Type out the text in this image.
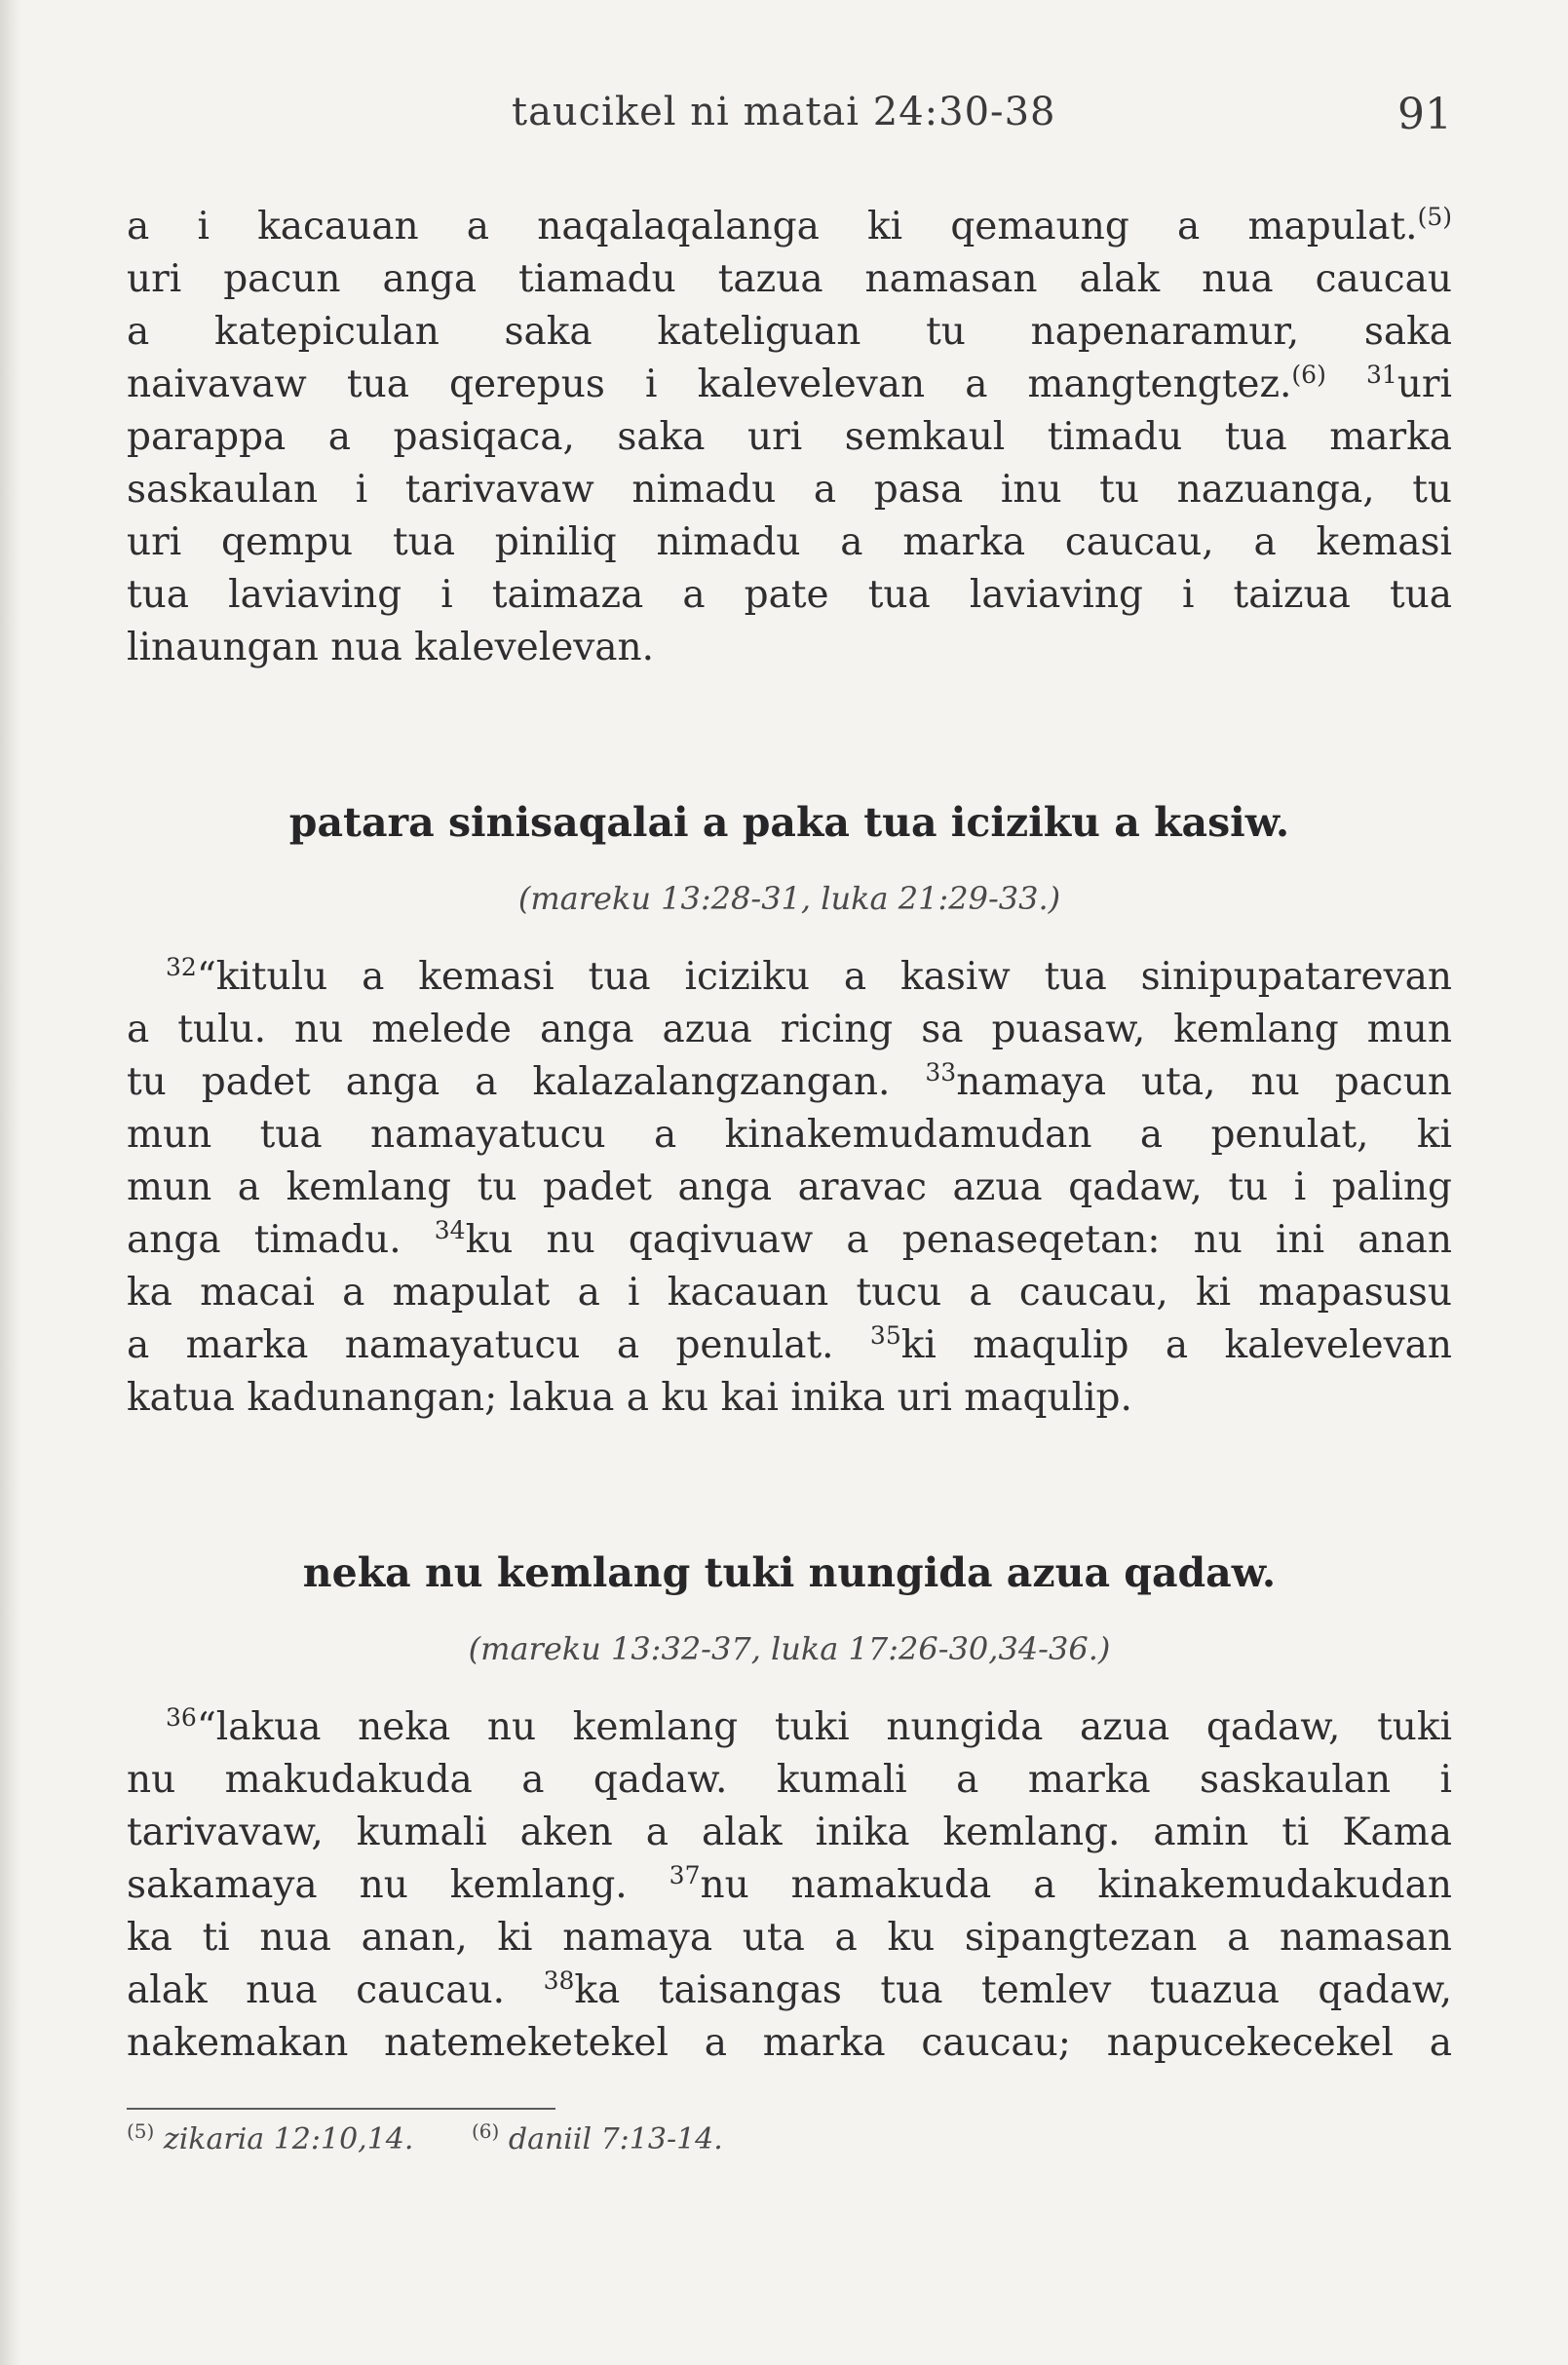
taucikel ni matai 24:30-38	91
a i kacauan a naqalaqalanga ki qemaung a mapulat.$^{(5)}$
uri pacun anga tiamadu tazua namasan alak nua caucau
a katepiculan saka kateliguan tu napenaramur, saka
naivavaw tua qerepus i kalevelevan a mangtengtez.$^{(6)}$ $^{31}$uri
parappa a pasiqaca, saka uri semkaul timadu tua marka
saskaulan i tarivavaw nimadu a pasa inu tu nazuanga, tu
uri qempu tua piniliq nimadu a marka caucau, a kemasi
tua laviaving i taimaza a pate tua laviaving i taizua tua
linaungan nua kalevelevan.
patara sinisaqalai a paka tua iciziku a kasiw.
(mareku 13:28-31, luka 21:29-33.)
$^{32}$“kitulu a kemasi tua iciziku a kasiw tua sinipupatarevan
a tulu. nu melede anga azua ricing sa puasaw, kemlang mun
tu padet anga a kalazalangzangan. $^{33}$namaya uta, nu pacun
mun tua namayatucu a kinakemudamudan a penulat, ki
mun a kemlang tu padet anga aravac azua qadaw, tu i paling
anga timadu. $^{34}$ku nu qaqivuaw a penaseqetan: nu ini anan
ka macai a mapulat a i kacauan tucu a caucau, ki mapasusu
a marka namayatucu a penulat. $^{35}$ki maqulip a kalevelevan
katua kadunangan; lakua a ku kai inika uri maqulip.
neka nu kemlang tuki nungida azua qadaw.
(mareku 13:32-37, luka 17:26-30,34-36.)
$^{36}$“lakua neka nu kemlang tuki nungida azua qadaw, tuki
nu makudakuda a qadaw. kumali a marka saskaulan i
tarivavaw, kumali aken a alak inika kemlang. amin ti Kama
sakamaya nu kemlang. $^{37}$nu namakuda a kinakemudakudan
ka ti nua anan, ki namaya uta a ku sipangtezan a namasan
alak nua caucau. $^{38}$ka taisangas tua temlev tuazua qadaw,
nakemakan natemeketekel a marka caucau; napucekecekel a
$^{(5)}$ zikaria 12:10,14.	$^{(6)}$ daniil 7:13-14.
